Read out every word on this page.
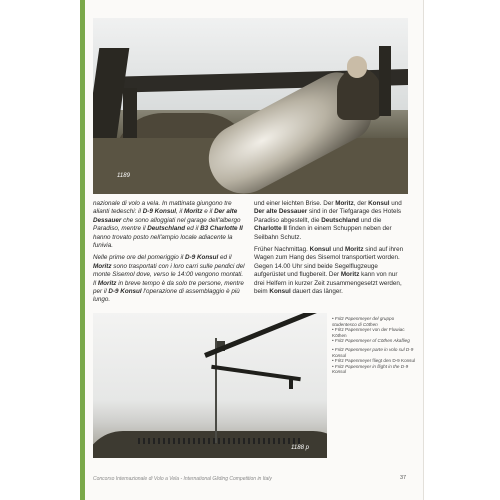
1189

nazionale di volo a vela. In mattinata giungono tre alianti tedeschi: il D-9 Konsul, il Moritz e il Der alte Dessauer che sono alloggiati nel garage dell'albergo Paradiso, mentre il Deutschland ed il B3 Charlotte II hanno trovato posto nell'ampio locale adiacente la funivia.

Nelle prime ore del pomeriggio il D-9 Konsul ed il Moritz sono trasportati con i loro carri sulle pendici del monte Sisemol dove, verso le 14:00 vengono montati. Il Moritz in breve tempo è da solo tre persone, mentre per il D-9 Konsul l'operazione di assemblaggio è più lungo.

und einer leichten Brise. Der Moritz, der Konsul und Der alte Dessauer sind in der Tiefgarage des Hotels Paradiso abgestellt, die Deutschland und die Charlotte II finden in einem Schuppen neben der Seilbahn Schutz.

Früher Nachmittag. Konsul und Moritz sind auf ihren Wagen zum Hang des Sisemol transportiert worden. Gegen 14.00 Uhr sind beide Segelflugzeuge aufgerüstet und flugbereit. Der Moritz kann von nur drei Helfern in kurzer Zeit zusammengesetzt werden, beim Konsul dauert das länger.

1188 p

• Fritz Papenmeyer del gruppo studentesco di Cöthen

• Fritz Papenmeyer von der Fluwiac Köthen

• Fritz Papenmeyer of Cöthen Akaflieg

• Fritz Papenmeyer parte in volo sul D-9 Konsul

• Fritz Papenmeyer fliegt den D-9 Konsul

• Fritz Papenmeyer in flight in the D-9 Konsul

Concorso Internazionale di Volo a Vela - International Gliding Competition in Italy	37
